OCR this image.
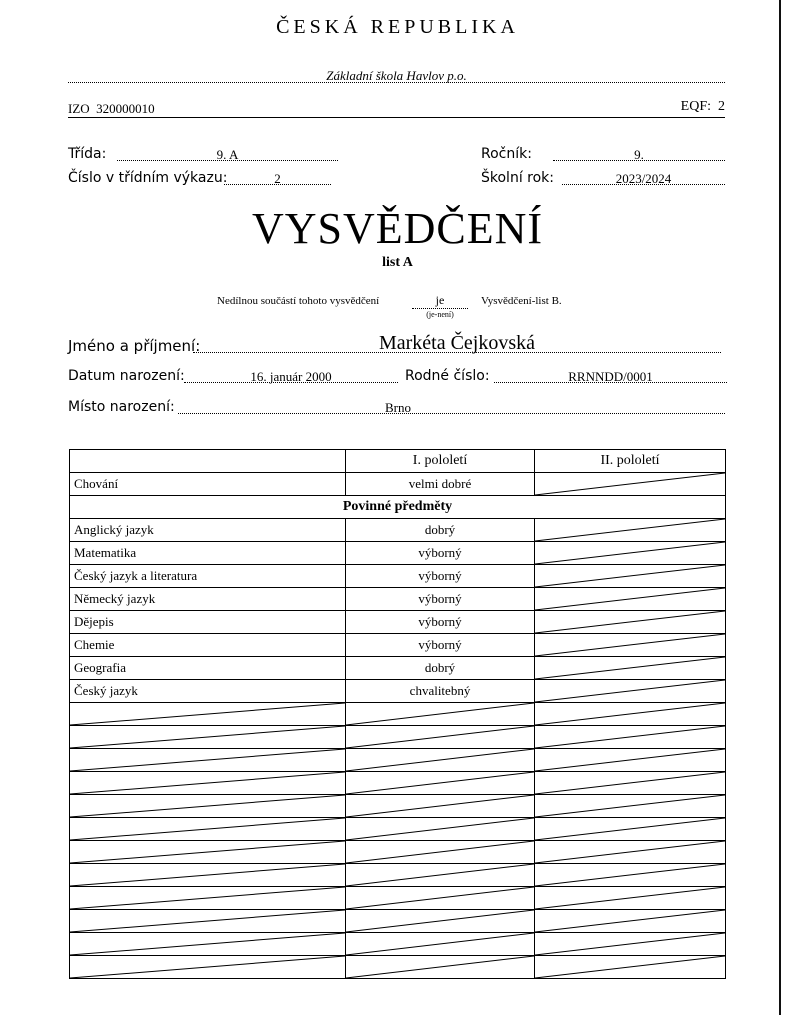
ČESKÁ REPUBLIKA
Základní škola Havlov p.o.
IZO 320000010	EQF: 2
Třída:	9. A	Ročník:	9.
Číslo v třídním výkazu:	2	Školní rok:	2023/2024
VYSVĚDČENÍ
list A
Nedílnou součástí tohoto vysvědčení	je
(je-není)
Vysvědčení-list B.
Jméno a příjmení:	Markéta Čejkovská
Datum narození:	16. január 2000	Rodné číslo:	RRNNDD/0001
Místo narození:	Brno
	I. pololetí	II. pololetí
Chování	velmi dobré	

Povinné předměty		
Anglický jazyk	dobrý	

Matematika	výborný	

Český jazyk a literatura	výborný	

Německý jazyk	výborný	

Dějepis	výborný	

Chemie	výborný	

Geografia	dobrý	

Český jazyk	chvalitebný	
